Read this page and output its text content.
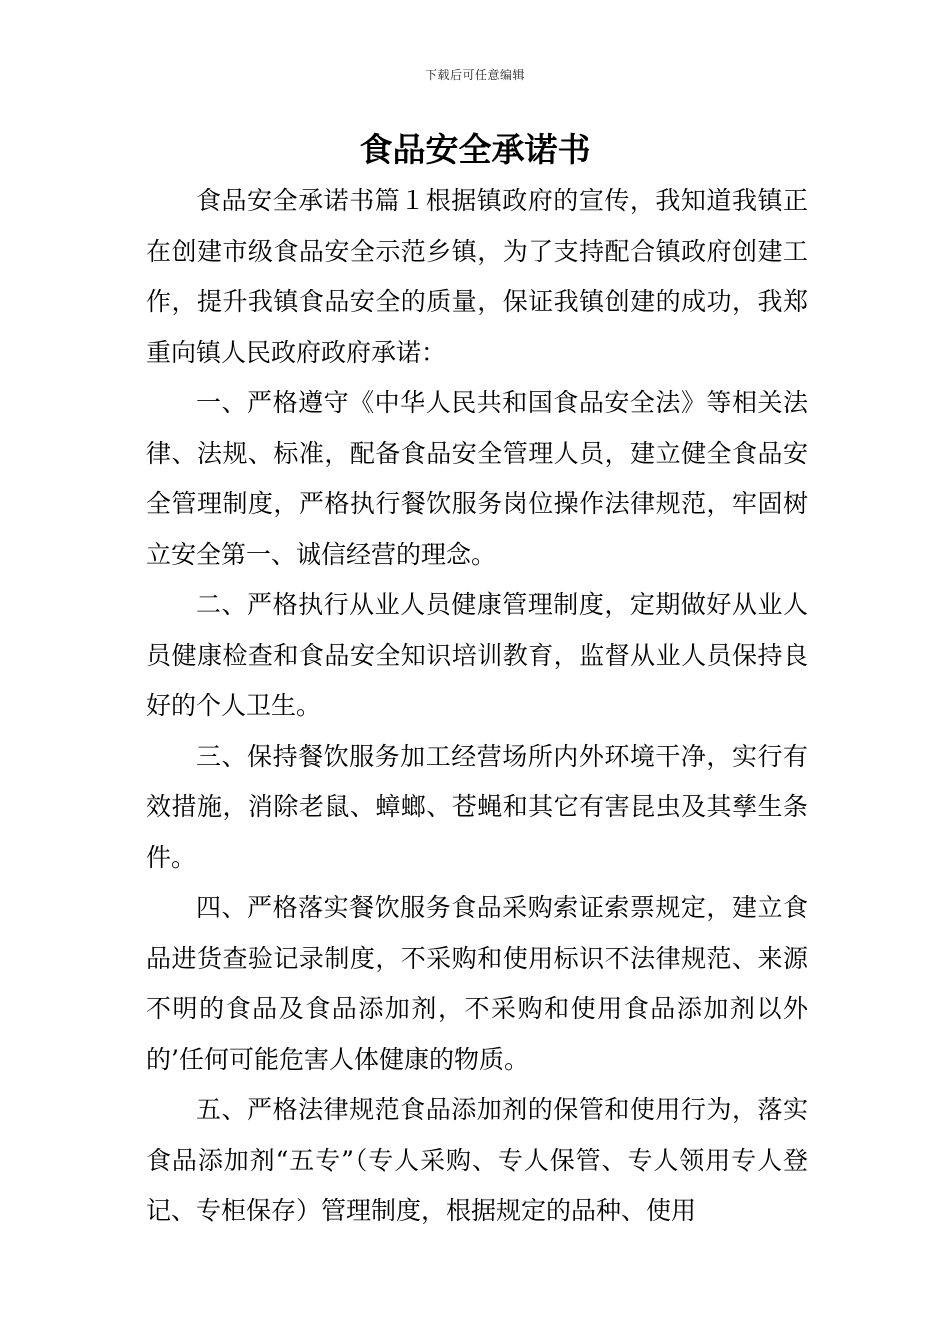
下载后可任意编辑
食品安全承诺书

食品安全承诺书篇１根据镇政府的宣传，我知道我镇正在创建市级食品安全示范乡镇，为了支持配合镇政府创建工作，提升我镇食品安全的质量，保证我镇创建的成功，我郑重向镇人民政府政府承诺：

一、严格遵守《中华人民共和国食品安全法》等相关法律、法规、标准，配备食品安全管理人员，建立健全食品安全管理制度，严格执行餐饮服务岗位操作法律规范，牢固树立安全第一、诚信经营的理念。

二、严格执行从业人员健康管理制度，定期做好从业人员健康检查和食品安全知识培训教育，监督从业人员保持良好的个人卫生。

三、保持餐饮服务加工经营场所内外环境干净，实行有效措施，消除老鼠、蟑螂、苍蝇和其它有害昆虫及其孳生条件。

四、严格落实餐饮服务食品采购索证索票规定，建立食品进货查验记录制度，不采购和使用标识不法律规范、来源不明的食品及食品添加剂，不采购和使用食品添加剂以外的’任何可能危害人体健康的物质。

五、严格法律规范食品添加剂的保管和使用行为，落实食品添加剂“五专”（专人采购、专人保管、专人领用专人登记、专柜保存）管理制度，根据规定的品种、使用
